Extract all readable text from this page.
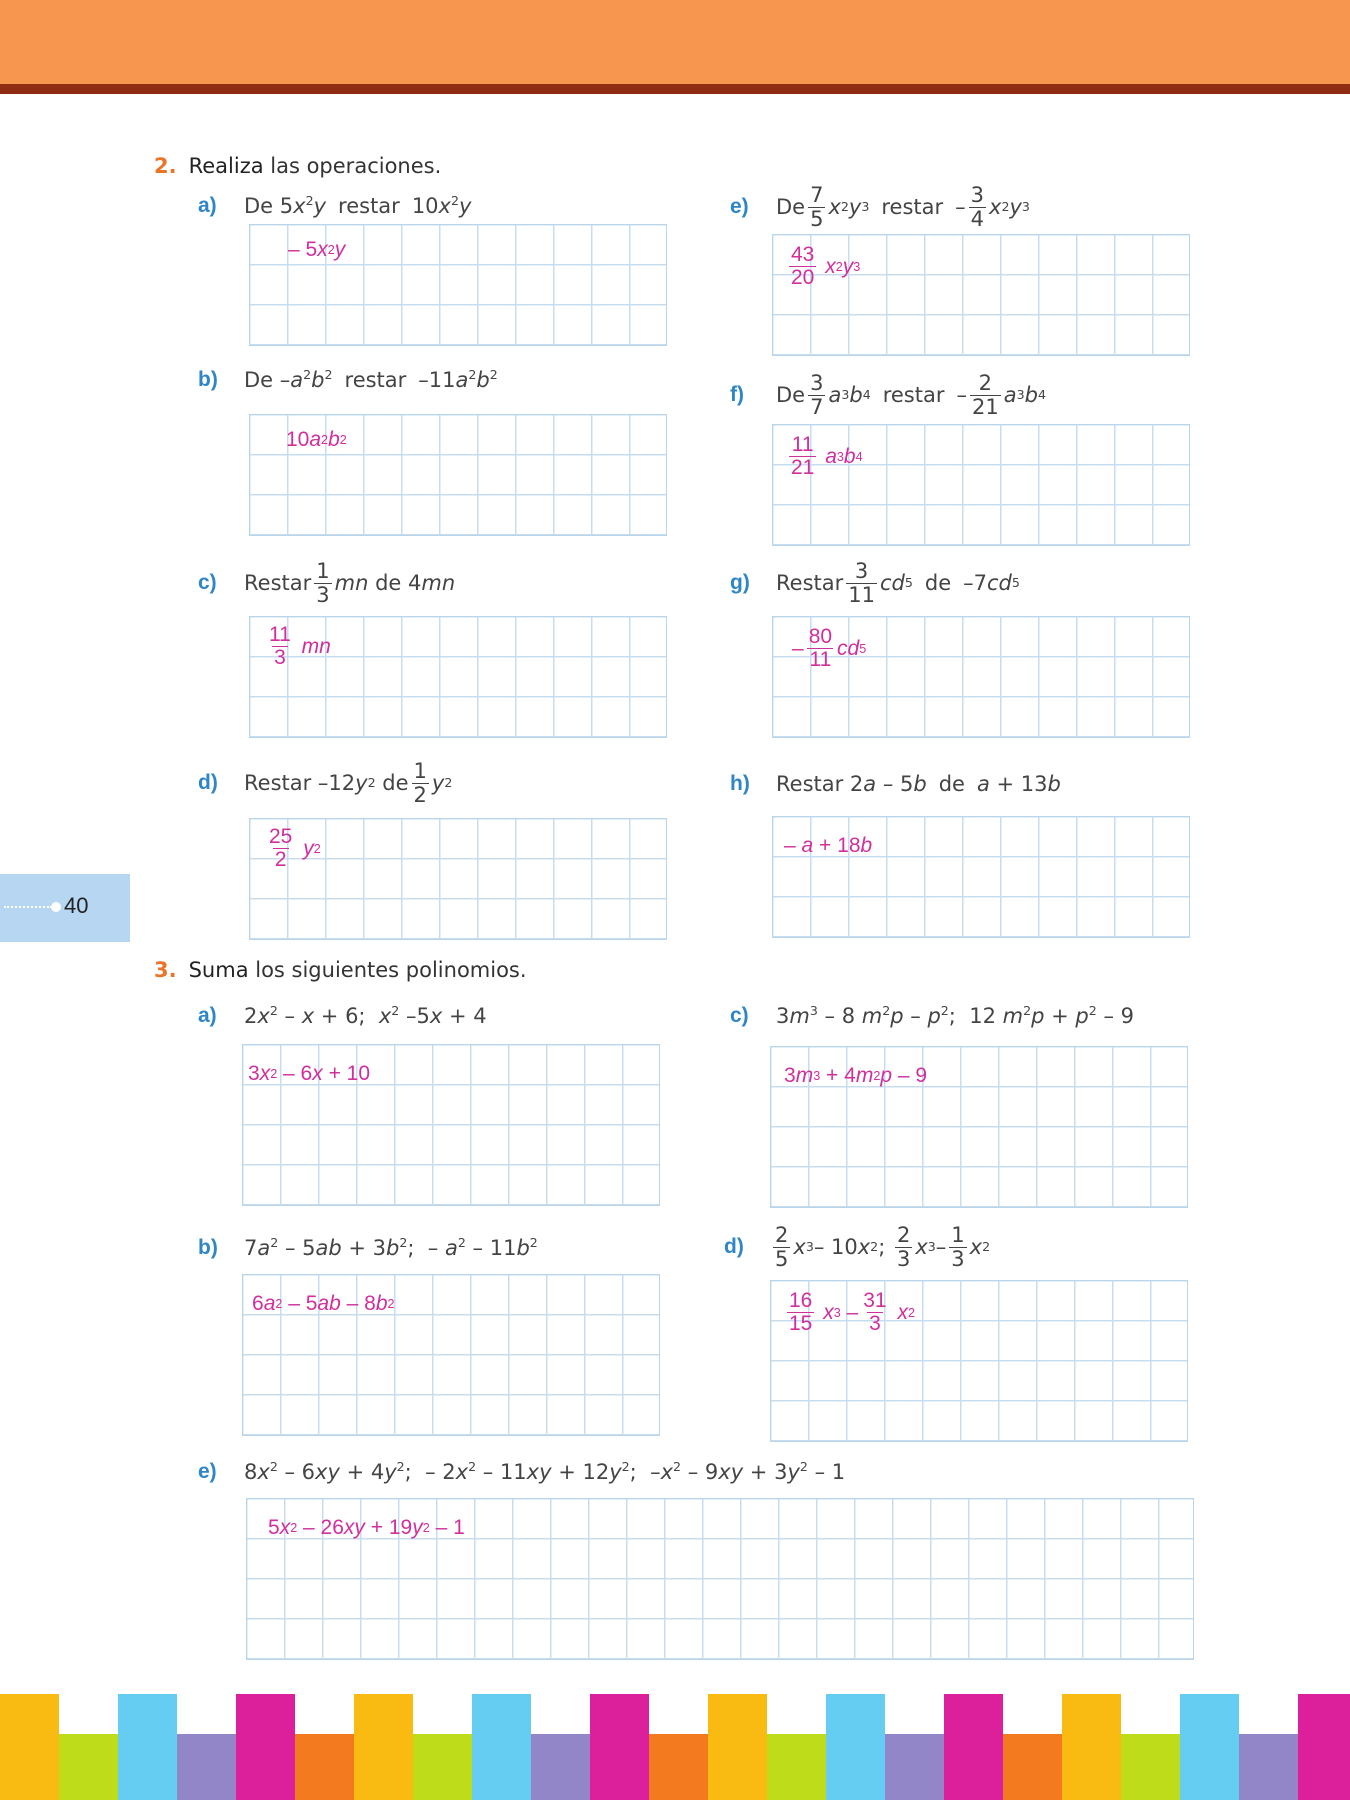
2. Realiza las operaciones.
a)	De $5x^2y$ restar $10x^2y$
– 5 x 2 y
b)	De $-a^2b^2$ restar $-11a^2b^2$
10 a 2 b 2
c)	Restar $\frac{1}{3}$ mn de 4 mn
$\frac{11}{3}$
mn
d)	Restar –12 y 2 de $\frac{1}{2}$ y 2
$\frac{25}{2}$
y 2
e)	De $\frac{7}{5}$ x 2 y 3 restar – $\frac{3}{4}$ x 2 y 3
$\frac{43}{20}$
x 2 y 3
f)	De $\frac{3}{7}$ a 3 b 4 restar – $\frac{2}{21}$ a 3 b 4
$\frac{11}{21}$
a 3 b 4
g)	Restar $\frac{3}{11}$ cd 5 de –7 cd 5
– $\frac{80}{11}$ cd 5
h)	Restar 2a – 5b de a + 13b
– a + 18 b
40
3. Suma los siguientes polinomios.
a)	$2x^2 - x + 6$;  $x^2$ –5x + 4
3 x 2 – 6 x + 10
b)	$7a^2 - 5ab + 3b^2$;  – $a^2 - 11b^2$
6 a 2 – 5 ab – 8 b 2
c)	$3m^3 - 8$ $m^2p - p^2$;  12 $m^2p + p^2 - 9$
3 m 3 + 4 m 2 p – 9
d)	$\frac{2}{5}$ x 3 – 10 x 2 ; $\frac{2}{3}$ x $3 - \frac{1}{3}$ x 2
$\frac{16}{15}$
x $3 - \frac{31}{3}$
x 2
e)	$8x^2 - 6xy + 4y^2$;  – $2x^2 - 11xy + 12y^2$;  $-x^2 - 9xy + 3y^2 - 1$
5 x 2 – 26 xy + 19 y 2 – 1
